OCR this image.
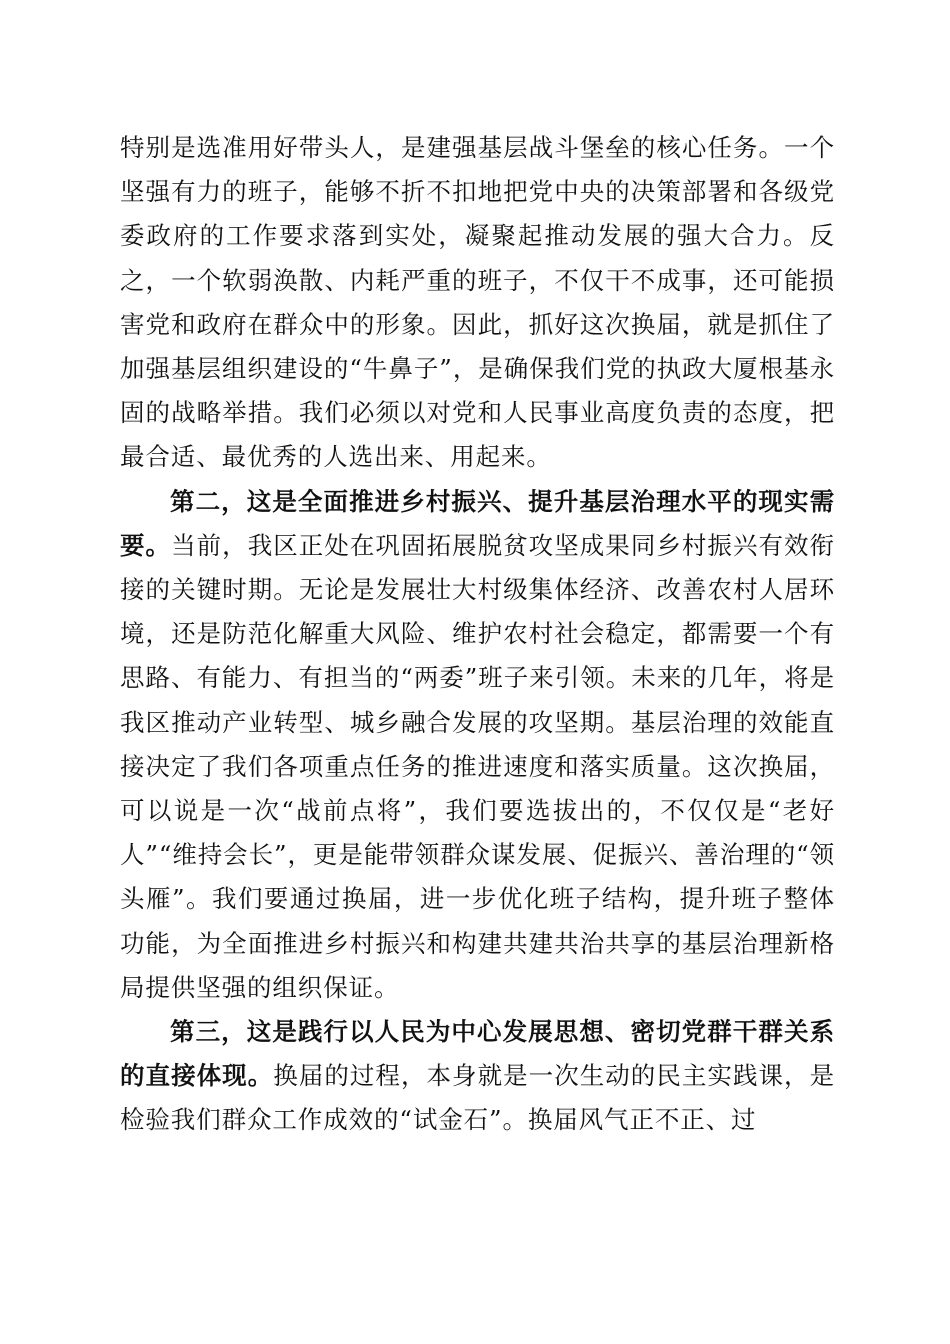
特别是选准用好带头人，是建强基层战斗堡垒的核心任务。一个坚强有力的班子，能够不折不扣地把党中央的决策部署和各级党委政府的工作要求落到实处，凝聚起推动发展的强大合力。反之，一个软弱涣散、内耗严重的班子，不仅干不成事，还可能损害党和政府在群众中的形象。因此，抓好这次换届，就是抓住了加强基层组织建设的“牛鼻子”，是确保我们党的执政大厦根基永固的战略举措。我们必须以对党和人民事业高度负责的态度，把最合适、最优秀的人选出来、用起来。

第二，这是全面推进乡村振兴、提升基层治理水平的现实需要。当前，我区正处在巩固拓展脱贫攻坚成果同乡村振兴有效衔接的关键时期。无论是发展壮大村级集体经济、改善农村人居环境，还是防范化解重大风险、维护农村社会稳定，都需要一个有思路、有能力、有担当的“两委”班子来引领。未来的几年，将是我区推动产业转型、城乡融合发展的攻坚期。基层治理的效能直接决定了我们各项重点任务的推进速度和落实质量。这次换届，可以说是一次“战前点将”，我们要选拔出的，不仅仅是“老好人”“维持会长”，更是能带领群众谋发展、促振兴、善治理的“领头雁”。我们要通过换届，进一步优化班子结构，提升班子整体功能，为全面推进乡村振兴和构建共建共治共享的基层治理新格局提供坚强的组织保证。

第三，这是践行以人民为中心发展思想、密切党群干群关系的直接体现。换届的过程，本身就是一次生动的民主实践课，是检验我们群众工作成效的“试金石”。换届风气正不正、过
